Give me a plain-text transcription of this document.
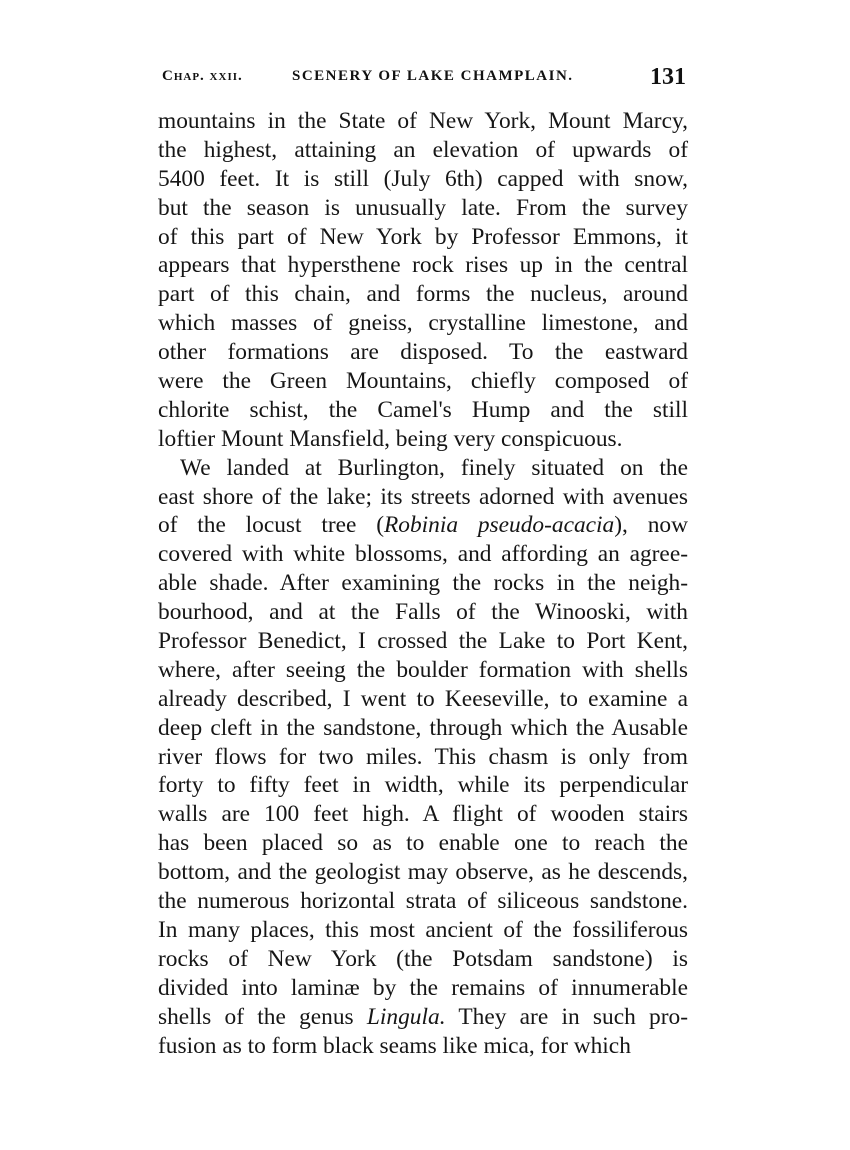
Chap. xxii.	SCENERY OF LAKE CHAMPLAIN.	131
mountains in the State of New York, Mount Marcy,
the highest, attaining an elevation of upwards of
5400 feet. It is still (July 6th) capped with snow,
but the season is unusually late. From the survey
of this part of New York by Professor Emmons, it
appears that hypersthene rock rises up in the central
part of this chain, and forms the nucleus, around
which masses of gneiss, crystalline limestone, and
other formations are disposed. To the eastward
were the Green Mountains, chiefly composed of
chlorite schist, the Camel's Hump and the still
loftier Mount Mansfield, being very conspicuous.
We landed at Burlington, finely situated on the
east shore of the lake; its streets adorned with avenues
of the locust tree (Robinia pseudo-acacia), now
covered with white blossoms, and affording an agree-
able shade. After examining the rocks in the neigh-
bourhood, and at the Falls of the Winooski, with
Professor Benedict, I crossed the Lake to Port Kent,
where, after seeing the boulder formation with shells
already described, I went to Keeseville, to examine a
deep cleft in the sandstone, through which the Ausable
river flows for two miles. This chasm is only from
forty to fifty feet in width, while its perpendicular
walls are 100 feet high. A flight of wooden stairs
has been placed so as to enable one to reach the
bottom, and the geologist may observe, as he descends,
the numerous horizontal strata of siliceous sandstone.
In many places, this most ancient of the fossiliferous
rocks of New York (the Potsdam sandstone) is
divided into laminæ by the remains of innumerable
shells of the genus Lingula. They are in such pro-
fusion as to form black seams like mica, for which
